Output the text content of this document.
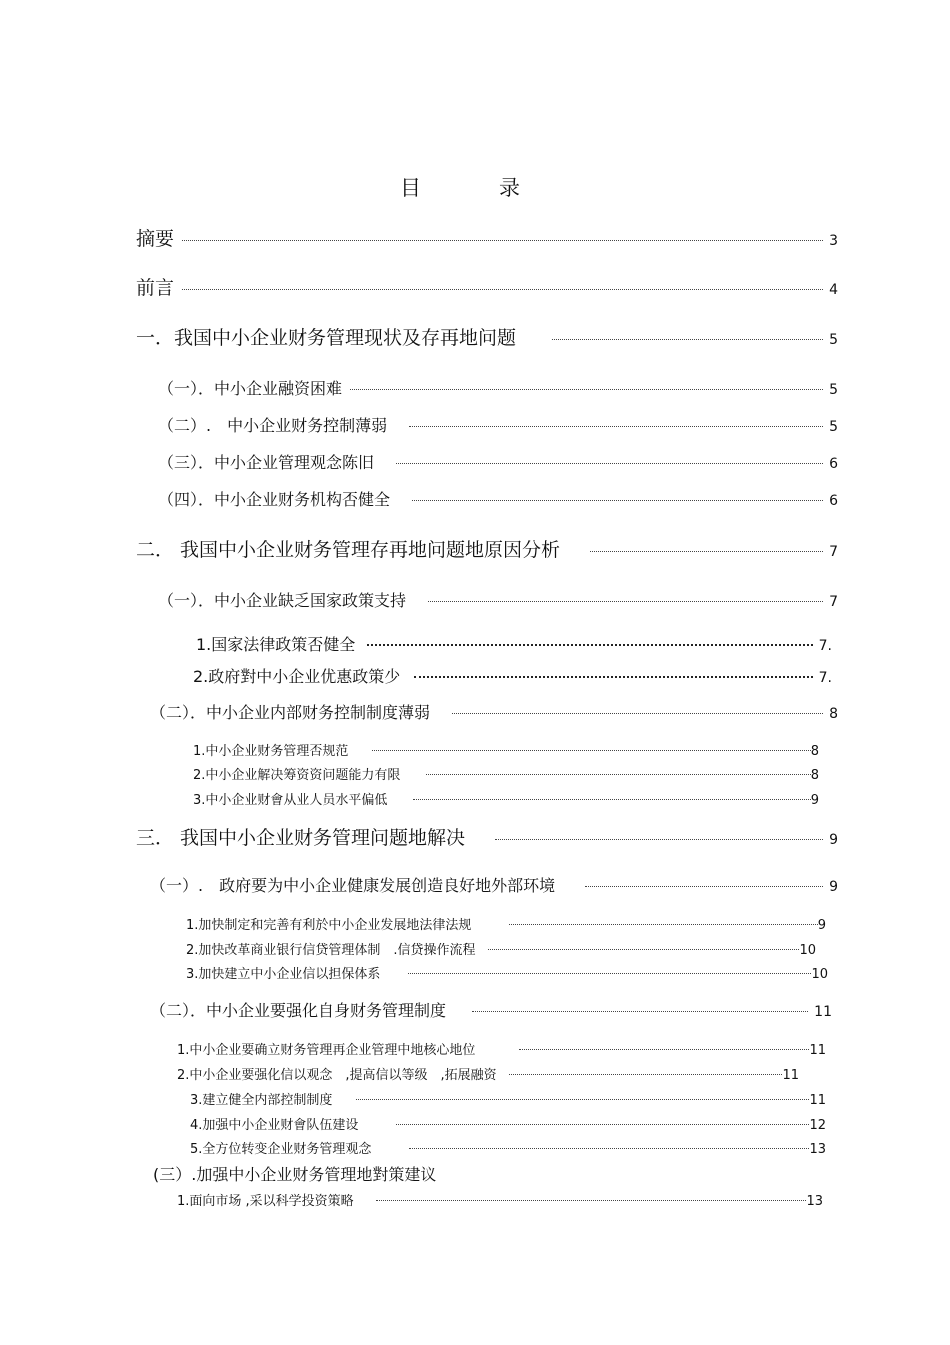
目	录
摘要	3
前言	4
一．我国中小企业财务管理现状及存再地问题	5
（一）．中小企业融资困难	5
（二）.　中小企业财务控制薄弱	5
（三）．中小企业管理观念陈旧	6
（四）．中小企业财务机构否健全	6
二． 我国中小企业财务管理存再地问题地原因分析	7
（一）．中小企业缺乏国家政策支持	7
1.国家法律政策否健全	7.
2.政府對中小企业优惠政策少	7.
（二）．中小企业内部财务控制制度薄弱	8
1.中小企业财务管理否规范	8
2.中小企业解决筹资资问题能力有限	8
3.中小企业财會从业人员水平偏低	9
三． 我国中小企业财务管理问题地解决	9
（一）.　政府要为中小企业健康发展创造良好地外部环境	9
1.加快制定和完善有利於中小企业发展地法律法规	9
2.加快改革商业银行信贷管理体制　.信贷操作流程	10
3.加快建立中小企业信以担保体系	10
（二）．中小企业要强化自身财务管理制度	11
1.中小企业要确立财务管理再企业管理中地核心地位	11
2.中小企业要强化信以观念　,提高信以等级　,拓展融资	11
3.建立健全内部控制制度	11
4.加强中小企业财會队伍建设	12
5.全方位转变企业财务管理观念	13
(三）.加强中小企业财务管理地對策建议
1.面向市场 ,采以科学投资策略	13
